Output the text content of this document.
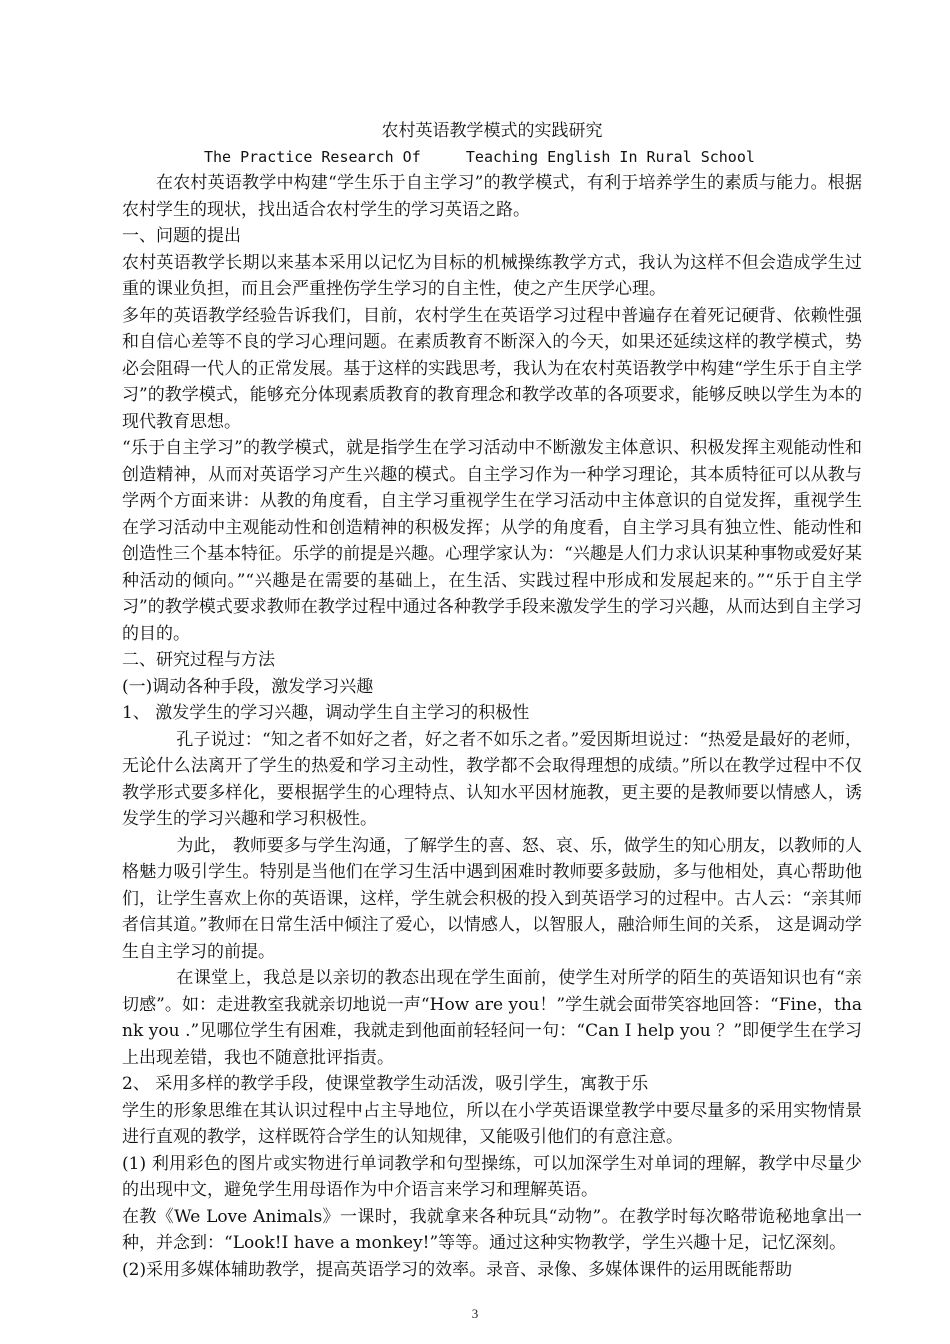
农村英语教学模式的实践研究

The Practice Research Of     Teaching English In Rural School

在农村英语教学中构建“学生乐于自主学习”的教学模式，有利于培养学生的素质与能力。根据农村学生的现状，找出适合农村学生的学习英语之路。

一、问题的提出

农村英语教学长期以来基本采用以记忆为目标的机械操练教学方式，我认为这样不但会造成学生过重的课业负担，而且会严重挫伤学生学习的自主性，使之产生厌学心理。

多年的英语教学经验告诉我们，目前，农村学生在英语学习过程中普遍存在着死记硬背、依赖性强和自信心差等不良的学习心理问题。在素质教育不断深入的今天，如果还延续这样的教学模式，势必会阻碍一代人的正常发展。基于这样的实践思考，我认为在农村英语教学中构建“学生乐于自主学习”的教学模式，能够充分体现素质教育的教育理念和教学改革的各项要求，能够反映以学生为本的现代教育思想。

“乐于自主学习”的教学模式，就是指学生在学习活动中不断激发主体意识、积极发挥主观能动性和创造精神，从而对英语学习产生兴趣的模式。自主学习作为一种学习理论，其本质特征可以从教与学两个方面来讲：从教的角度看，自主学习重视学生在学习活动中主体意识的自觉发挥，重视学生在学习活动中主观能动性和创造精神的积极发挥；从学的角度看，自主学习具有独立性、能动性和创造性三个基本特征。乐学的前提是兴趣。心理学家认为：“兴趣是人们力求认识某种事物或爱好某种活动的倾向。”“兴趣是在需要的基础上，在生活、实践过程中形成和发展起来的。”“乐于自主学习”的教学模式要求教师在教学过程中通过各种教学手段来激发学生的学习兴趣，从而达到自主学习的目的。

二、研究过程与方法

(一)调动各种手段，激发学习兴趣

1、 激发学生的学习兴趣，调动学生自主学习的积极性

孔子说过：“知之者不如好之者，好之者不如乐之者。”爱因斯坦说过：“热爱是最好的老师，无论什么法离开了学生的热爱和学习主动性，教学都不会取得理想的成绩。”所以在教学过程中不仅教学形式要多样化，要根据学生的心理特点、认知水平因材施教，更主要的是教师要以情感人，诱发学生的学习兴趣和学习积极性。

为此， 教师要多与学生沟通，了解学生的喜、怒、哀、乐，做学生的知心朋友，以教师的人格魅力吸引学生。特别是当他们在学习生活中遇到困难时教师要多鼓励，多与他相处，真心帮助他们，让学生喜欢上你的英语课，这样，学生就会积极的投入到英语学习的过程中。古人云：“亲其师者信其道。”教师在日常生活中倾注了爱心，以情感人，以智服人，融洽师生间的关系， 这是调动学生自主学习的前提。

在课堂上，我总是以亲切的教态出现在学生面前，使学生对所学的陌生的英语知识也有“亲切感”。如：走进教室我就亲切地说一声“How are you！”学生就会面带笑容地回答：“Fine，thank you .”见哪位学生有困难，我就走到他面前轻轻问一句：“Can I help you ？”即便学生在学习上出现差错，我也不随意批评指责。

2、 采用多样的教学手段，使课堂教学生动活泼，吸引学生，寓教于乐

学生的形象思维在其认识过程中占主导地位，所以在小学英语课堂教学中要尽量多的采用实物情景进行直观的教学，这样既符合学生的认知规律，又能吸引他们的有意注意。

(1) 利用彩色的图片或实物进行单词教学和句型操练，可以加深学生对单词的理解，教学中尽量少的出现中文，避免学生用母语作为中介语言来学习和理解英语。

在教《We Love Animals》一课时，我就拿来各种玩具“动物”。在教学时每次略带诡秘地拿出一种，并念到：“Look!I have a monkey!”等等。通过这种实物教学，学生兴趣十足，记忆深刻。

(2)采用多媒体辅助教学，提高英语学习的效率。录音、录像、多媒体课件的运用既能帮助

3
